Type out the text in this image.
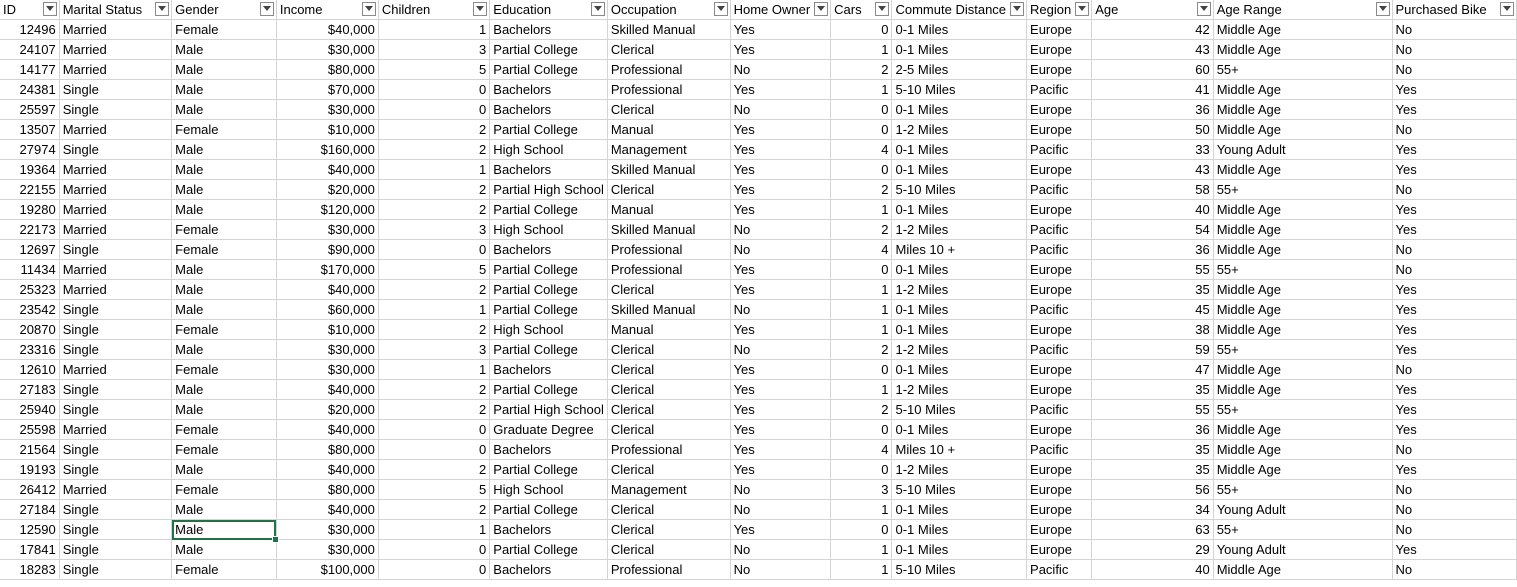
ID	Marital Status	Gender	Income	Children	Education	Occupation	Home Owner	Cars	Commute Distance	Region	Age	Age Range	Purchased Bike

12496	Married	Female	$40,000	1	Bachelors	Skilled Manual	Yes	0	0-1 Miles	Europe	42	Middle Age	No
24107	Married	Male	$30,000	3	Partial College	Clerical	Yes	1	0-1 Miles	Europe	43	Middle Age	No
14177	Married	Male	$80,000	5	Partial College	Professional	No	2	2-5 Miles	Europe	60	55+	No
24381	Single	Male	$70,000	0	Bachelors	Professional	Yes	1	5-10 Miles	Pacific	41	Middle Age	Yes
25597	Single	Male	$30,000	0	Bachelors	Clerical	No	0	0-1 Miles	Europe	36	Middle Age	Yes
13507	Married	Female	$10,000	2	Partial College	Manual	Yes	0	1-2 Miles	Europe	50	Middle Age	No
27974	Single	Male	$160,000	2	High School	Management	Yes	4	0-1 Miles	Pacific	33	Young Adult	Yes
19364	Married	Male	$40,000	1	Bachelors	Skilled Manual	Yes	0	0-1 Miles	Europe	43	Middle Age	Yes
22155	Married	Male	$20,000	2	Partial High School	Clerical	Yes	2	5-10 Miles	Pacific	58	55+	No
19280	Married	Male	$120,000	2	Partial College	Manual	Yes	1	0-1 Miles	Europe	40	Middle Age	Yes
22173	Married	Female	$30,000	3	High School	Skilled Manual	No	2	1-2 Miles	Pacific	54	Middle Age	Yes
12697	Single	Female	$90,000	0	Bachelors	Professional	No	4	Miles 10 +	Pacific	36	Middle Age	No
11434	Married	Male	$170,000	5	Partial College	Professional	Yes	0	0-1 Miles	Europe	55	55+	No
25323	Married	Male	$40,000	2	Partial College	Clerical	Yes	1	1-2 Miles	Europe	35	Middle Age	Yes
23542	Single	Male	$60,000	1	Partial College	Skilled Manual	No	1	0-1 Miles	Pacific	45	Middle Age	Yes
20870	Single	Female	$10,000	2	High School	Manual	Yes	1	0-1 Miles	Europe	38	Middle Age	Yes
23316	Single	Male	$30,000	3	Partial College	Clerical	No	2	1-2 Miles	Pacific	59	55+	Yes
12610	Married	Female	$30,000	1	Bachelors	Clerical	Yes	0	0-1 Miles	Europe	47	Middle Age	No
27183	Single	Male	$40,000	2	Partial College	Clerical	Yes	1	1-2 Miles	Europe	35	Middle Age	Yes
25940	Single	Male	$20,000	2	Partial High School	Clerical	Yes	2	5-10 Miles	Pacific	55	55+	Yes
25598	Married	Female	$40,000	0	Graduate Degree	Clerical	Yes	0	0-1 Miles	Europe	36	Middle Age	Yes
21564	Single	Female	$80,000	0	Bachelors	Professional	Yes	4	Miles 10 +	Pacific	35	Middle Age	No
19193	Single	Male	$40,000	2	Partial College	Clerical	Yes	0	1-2 Miles	Europe	35	Middle Age	Yes
26412	Married	Female	$80,000	5	High School	Management	No	3	5-10 Miles	Europe	56	55+	No
27184	Single	Male	$40,000	2	Partial College	Clerical	No	1	0-1 Miles	Europe	34	Young Adult	No
12590	Single	Male	$30,000	1	Bachelors	Clerical	Yes	0	0-1 Miles	Europe	63	55+	No
17841	Single	Male	$30,000	0	Partial College	Clerical	No	1	0-1 Miles	Europe	29	Young Adult	Yes
18283	Single	Female	$100,000	0	Bachelors	Professional	No	1	5-10 Miles	Pacific	40	Middle Age	No
